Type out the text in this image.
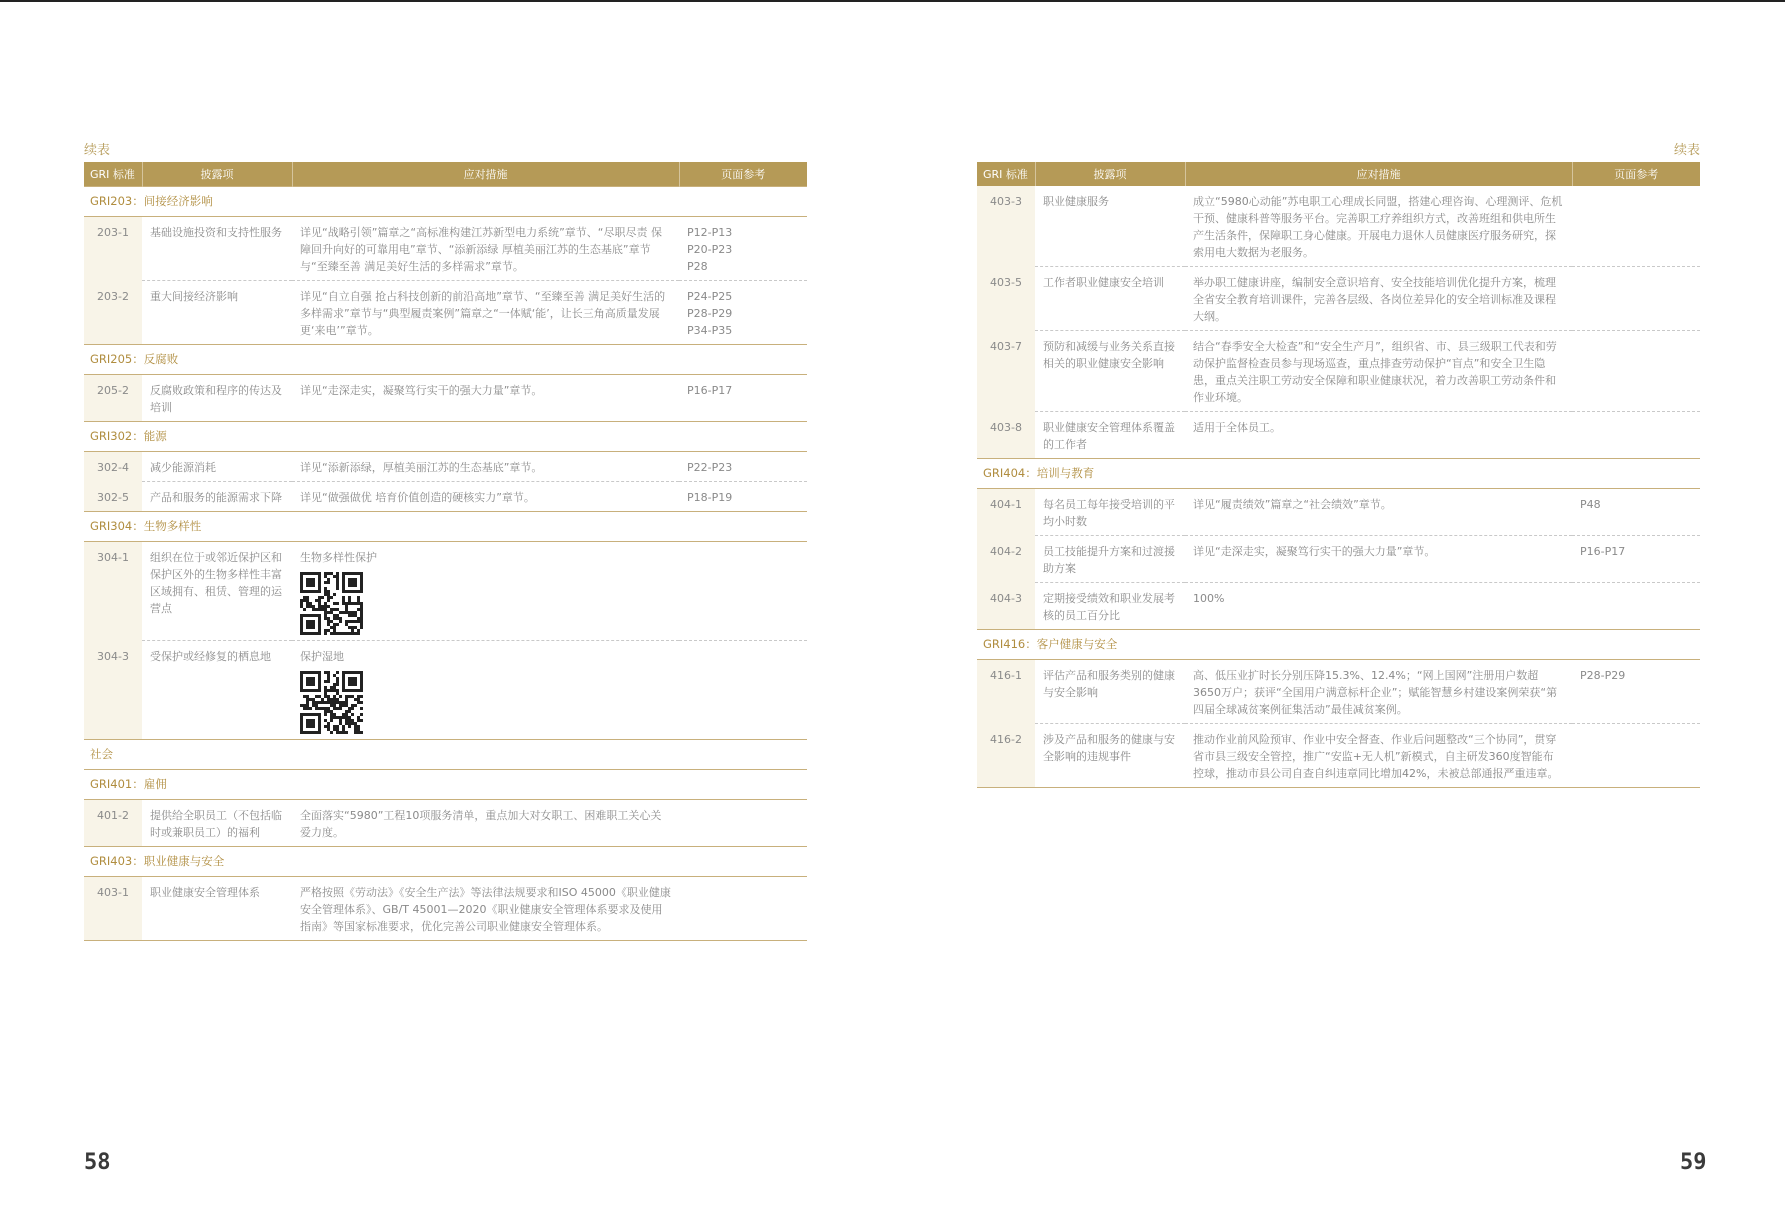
续表
GRI 标准	披露项	应对措施	页面参考
GRI203：间接经济影响			

203-1	基础设施投资和支持性服务	详见“战略引领”篇章之“高标准构建江苏新型电力系统”章节、“尽职尽责 保障回升向好的可靠用电”章节、“添新添绿 厚植美丽江苏的生态基底”章节与“至臻至善 满足美好生活的多样需求”章节。	P12-P13
P20-P23
P28

203-2	重大间接经济影响	详见“自立自强 抢占科技创新的前沿高地”章节、“至臻至善 满足美好生活的多样需求”章节与“典型履责案例”篇章之“一体赋‘能’，让长三角高质量发展更‘来电’”章节。	P24-P25
P28-P29
P34-P35

GRI205：反腐败			

205-2	反腐败政策和程序的传达及培训	详见“走深走实，凝聚笃行实干的强大力量”章节。	P16-P17

GRI302：能源			

302-4	减少能源消耗	详见“添新添绿，厚植美丽江苏的生态基底”章节。	P22-P23

302-5	产品和服务的能源需求下降	详见“做强做优 培育价值创造的硬核实力”章节。	P18-P19

GRI304：生物多样性			

304-1	组织在位于或邻近保护区和保护区外的生物多样性丰富区域拥有、租赁、管理的运营点	生物多样性保护	

304-3	受保护或经修复的栖息地	保护湿地	

社会			
GRI401：雇佣			

401-2	提供给全职员工（不包括临时或兼职员工）的福利	全面落实“5980”工程10项服务清单，重点加大对女职工、困难职工关心关爱力度。	

GRI403：职业健康与安全			

403-1	职业健康安全管理体系	严格按照《劳动法》《安全生产法》等法律法规要求和ISO 45000《职业健康安全管理体系》、GB/T 45001—2020《职业健康安全管理体系要求及使用指南》等国家标准要求，优化完善公司职业健康安全管理体系。	

续表
GRI 标准	披露项	应对措施	页面参考

403-3	职业健康服务	成立“5980心动能”苏电职工心理成长同盟，搭建心理咨询、心理测评、危机干预、健康科普等服务平台。完善职工疗养组织方式，改善班组和供电所生产生活条件，保障职工身心健康。开展电力退休人员健康医疗服务研究，探索用电大数据为老服务。	

403-5	工作者职业健康安全培训	举办职工健康讲座，编制安全意识培育、安全技能培训优化提升方案，梳理全省安全教育培训课件，完善各层级、各岗位差异化的安全培训标准及课程大纲。	

403-7	预防和减缓与业务关系直接相关的职业健康安全影响	结合“春季安全大检查”和“安全生产月”，组织省、市、县三级职工代表和劳动保护监督检查员参与现场巡查，重点排查劳动保护“盲点”和安全卫生隐患，重点关注职工劳动安全保障和职业健康状况，着力改善职工劳动条件和作业环境。	

403-8	职业健康安全管理体系覆盖的工作者	适用于全体员工。	

GRI404：培训与教育			

404-1	每名员工每年接受培训的平均小时数	详见“履责绩效”篇章之“社会绩效”章节。	P48

404-2	员工技能提升方案和过渡援助方案	详见“走深走实，凝聚笃行实干的强大力量”章节。	P16-P17

404-3	定期接受绩效和职业发展考核的员工百分比	100%	

GRI416：客户健康与安全			

416-1	评估产品和服务类别的健康与安全影响	高、低压业扩时长分别压降15.3%、12.4%；“网上国网”注册用户数超3650万户；获评“全国用户满意标杆企业”；赋能智慧乡村建设案例荣获“第四届全球减贫案例征集活动”最佳减贫案例。	P28-P29

416-2	涉及产品和服务的健康与安全影响的违规事件	推动作业前风险预审、作业中安全督查、作业后问题整改“三个协同”，贯穿省市县三级安全管控，推广“安监+无人机”新模式，自主研发360度智能布控球，推动市县公司自查自纠违章同比增加42%，未被总部通报严重违章。	

58	59
